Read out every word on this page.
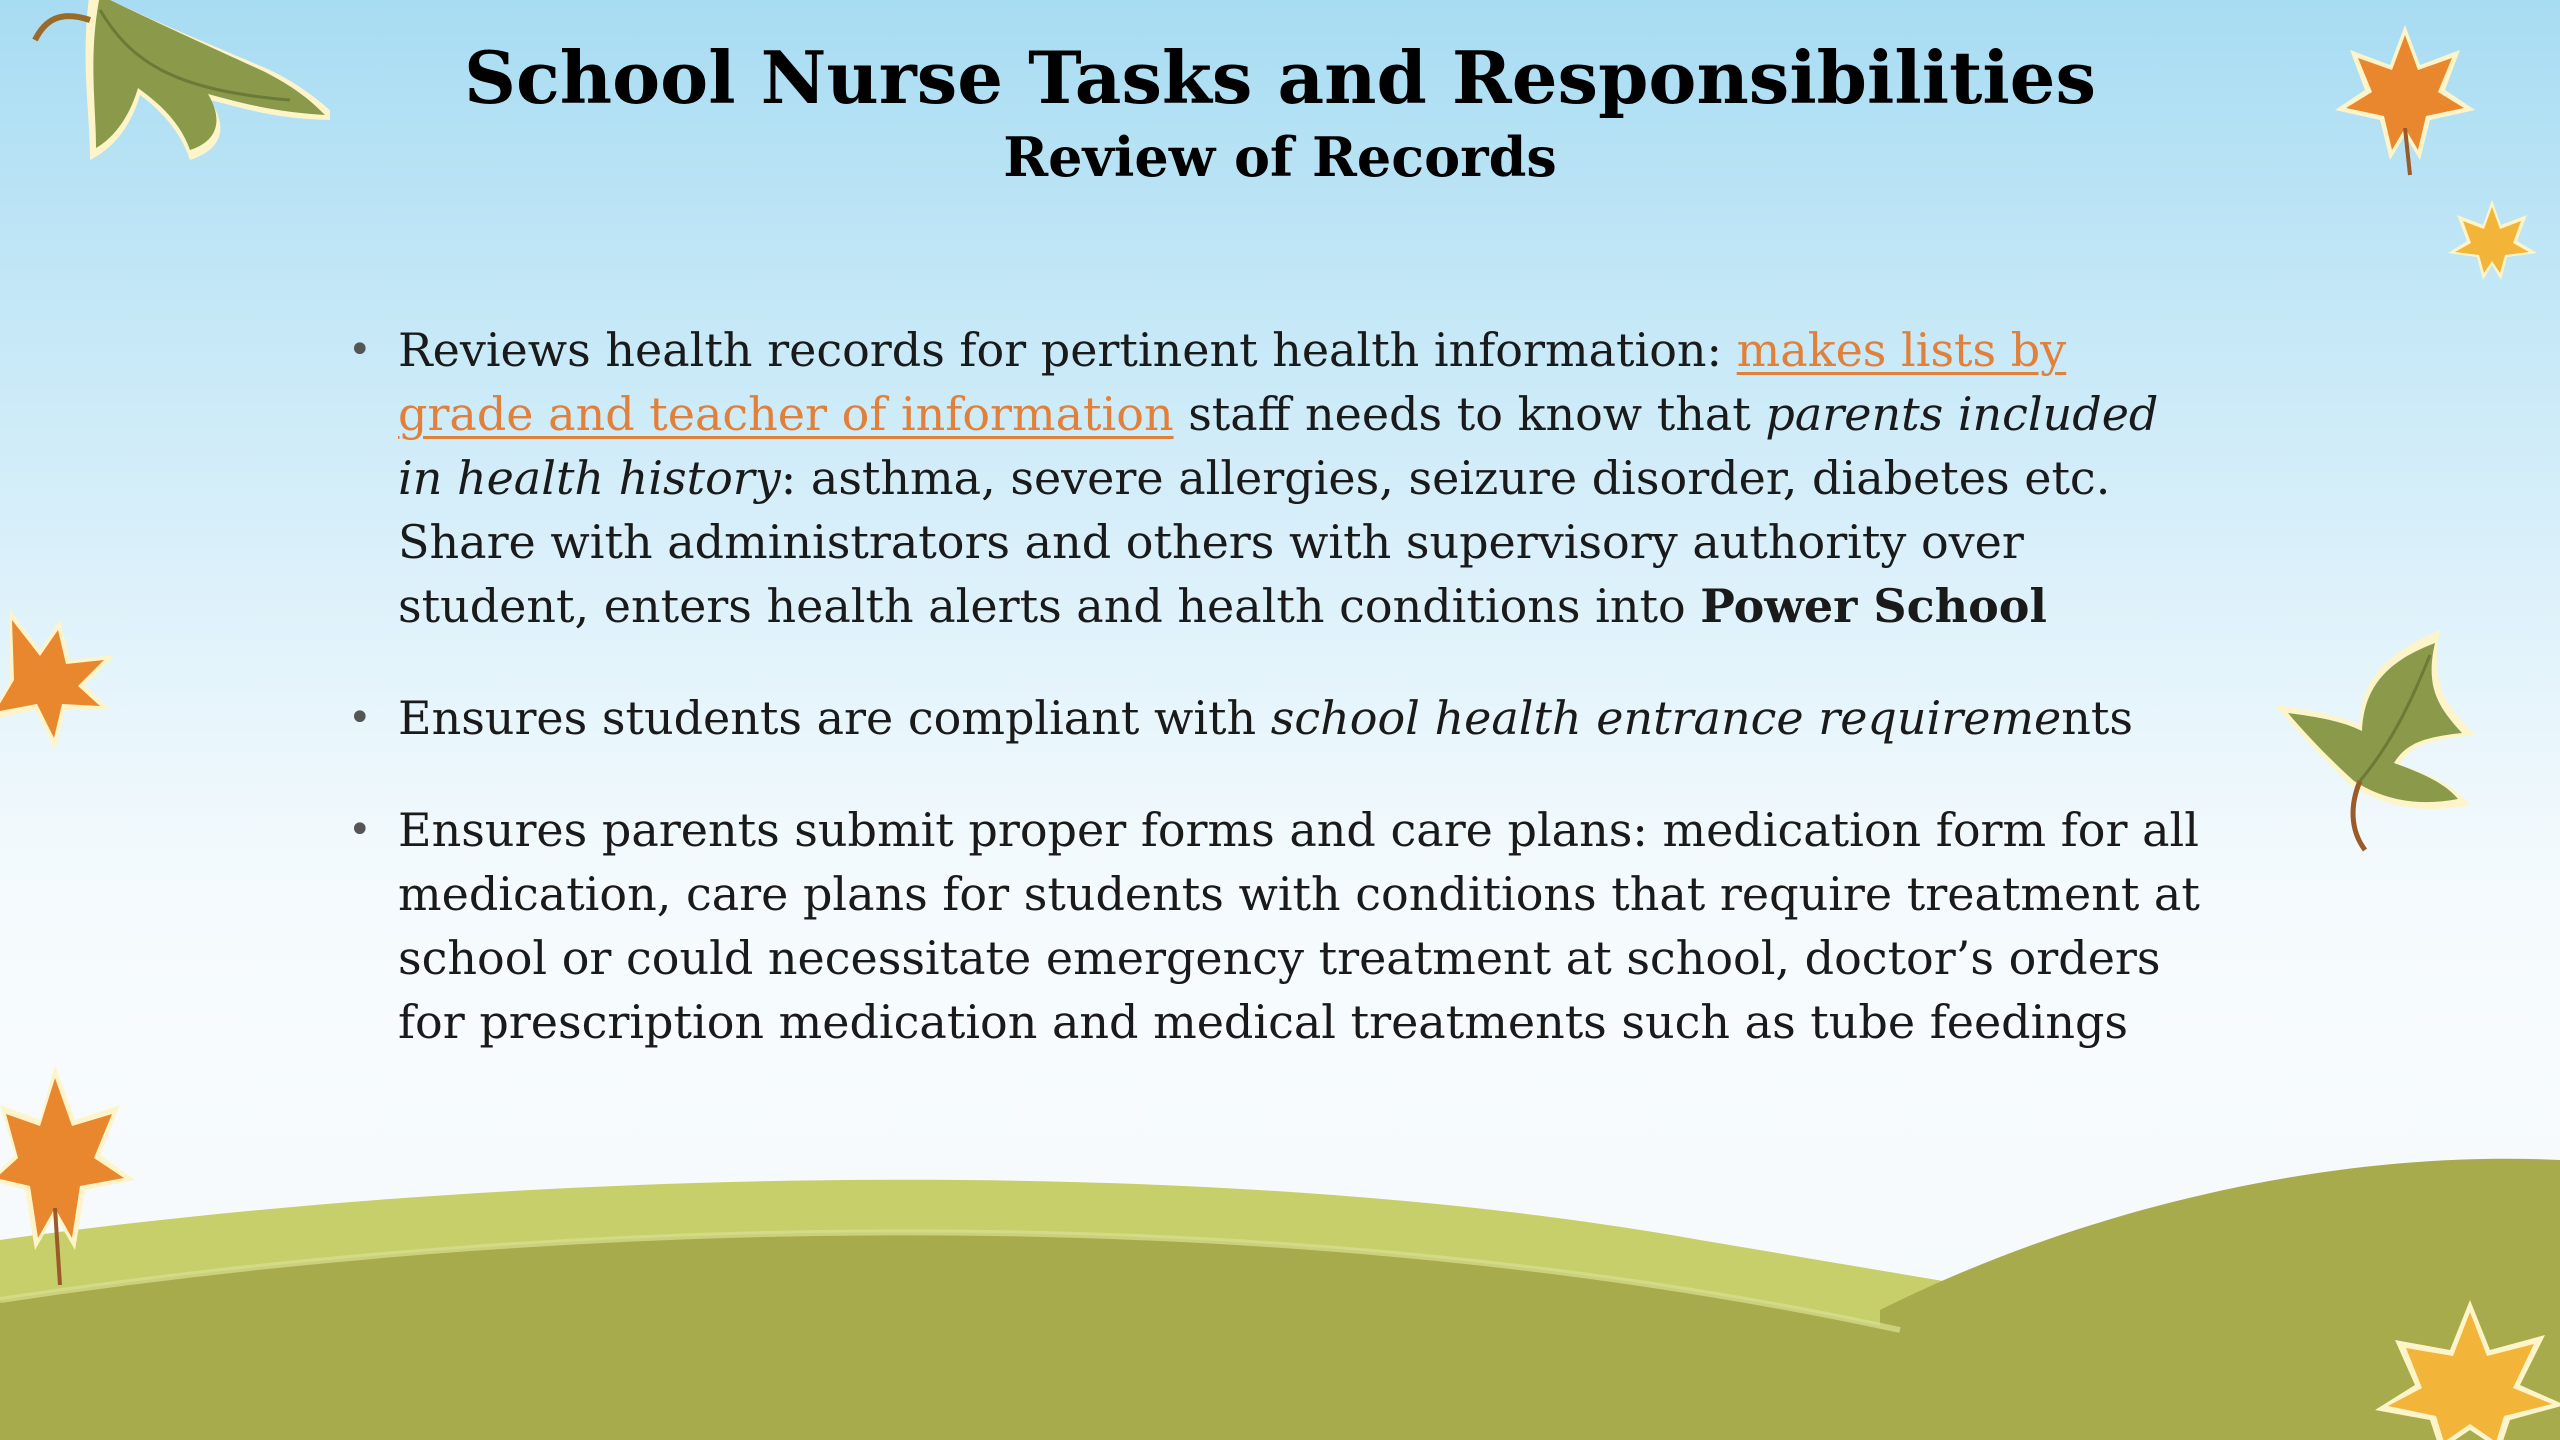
School Nurse Tasks and Responsibilities
Review of Records
• Reviews health records for pertinent health information: makes lists by grade and teacher of information staff needs to know that parents included in health history: asthma, severe allergies, seizure disorder, diabetes etc. Share with administrators and others with supervisory authority over student, enters health alerts and health conditions into Power School
• Ensures students are compliant with school health entrance requirements
• Ensures parents submit proper forms and care plans: medication form for all medication, care plans for students with conditions that require treatment at school or could necessitate emergency treatment at school, doctor’s orders for prescription medication and medical treatments such as tube feedings
